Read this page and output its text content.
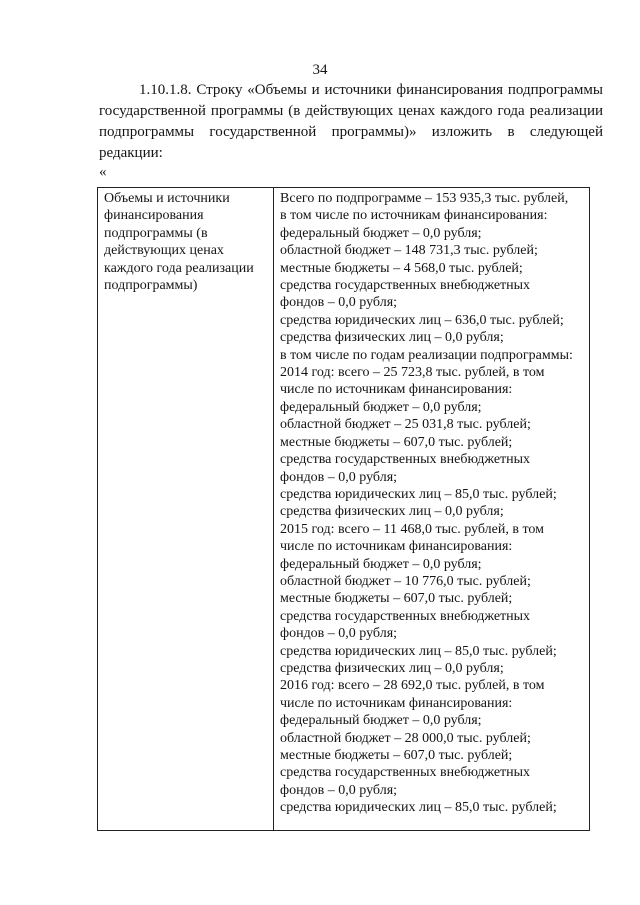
34

1.10.1.8. Строку «Объемы и источники финансирования подпрограммы государственной программы (в действующих ценах каждого года реализации подпрограммы государственной программы)» изложить в следующей редакции:

«
Объемы и источники финансирования подпрограммы (в действующих ценах каждого года реализации подпрограммы)
Всего по подпрограмме – 153 935,3 тыс. рублей,
в том числе по источникам финансирования:
федеральный бюджет – 0,0 рубля;
областной бюджет – 148 731,3 тыс. рублей;
местные бюджеты – 4 568,0 тыс. рублей;
средства государственных внебюджетных
фондов – 0,0 рубля;
средства юридических лиц – 636,0 тыс. рублей;
средства физических лиц – 0,0 рубля;
в том числе по годам реализации подпрограммы:
2014 год: всего – 25 723,8 тыс. рублей, в том
числе по источникам финансирования:
федеральный бюджет – 0,0 рубля;
областной бюджет – 25 031,8 тыс. рублей;
местные бюджеты – 607,0 тыс. рублей;
средства государственных внебюджетных
фондов – 0,0 рубля;
средства юридических лиц – 85,0 тыс. рублей;
средства физических лиц – 0,0 рубля;
2015 год: всего – 11 468,0 тыс. рублей, в том
числе по источникам финансирования:
федеральный бюджет – 0,0 рубля;
областной бюджет – 10 776,0 тыс. рублей;
местные бюджеты – 607,0 тыс. рублей;
средства государственных внебюджетных
фондов – 0,0 рубля;
средства юридических лиц – 85,0 тыс. рублей;
средства физических лиц – 0,0 рубля;
2016 год: всего – 28 692,0 тыс. рублей, в том
числе по источникам финансирования:
федеральный бюджет – 0,0 рубля;
областной бюджет – 28 000,0 тыс. рублей;
местные бюджеты – 607,0 тыс. рублей;
средства государственных внебюджетных
фондов – 0,0 рубля;
средства юридических лиц – 85,0 тыс. рублей;
